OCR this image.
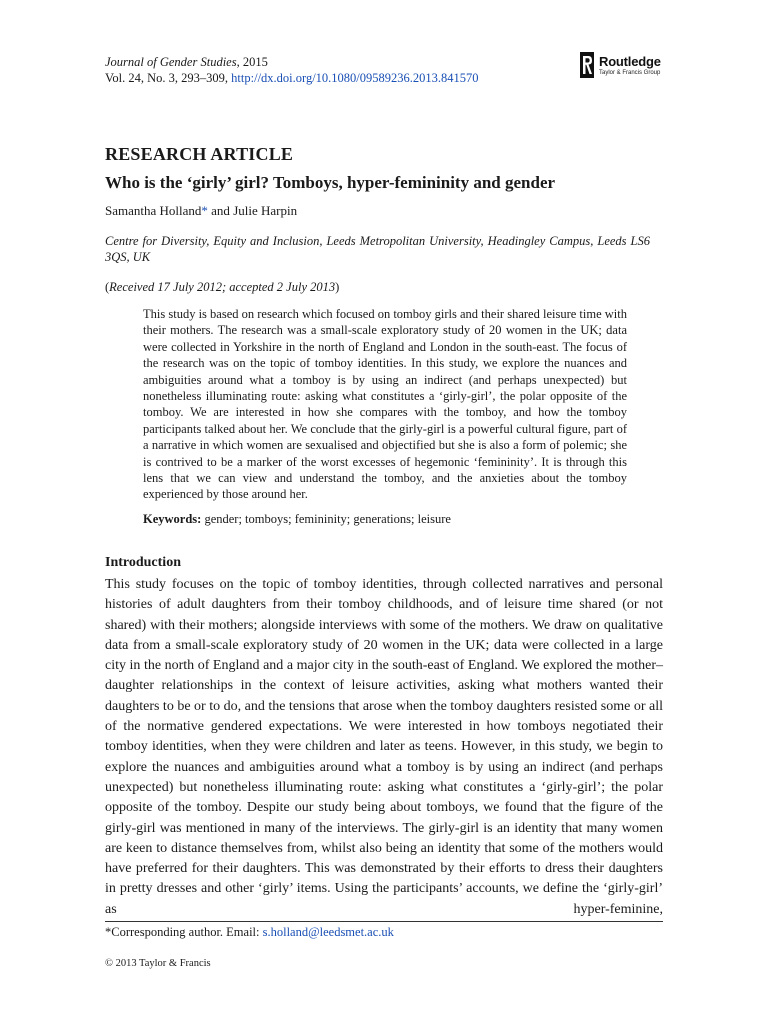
Journal of Gender Studies, 2015
Vol. 24, No. 3, 293–309, http://dx.doi.org/10.1080/09589236.2013.841570
Routledge
Taylor & Francis Group
RESEARCH ARTICLE
Who is the ‘girly’ girl? Tomboys, hyper-femininity and gender
Samantha Holland* and Julie Harpin
Centre for Diversity, Equity and Inclusion, Leeds Metropolitan University, Headingley Campus, Leeds LS6 3QS, UK
(Received 17 July 2012; accepted 2 July 2013)

This study is based on research which focused on tomboy girls and their shared leisure time with their mothers. The research was a small-scale exploratory study of 20 women in the UK; data were collected in Yorkshire in the north of England and London in the south-east. The focus of the research was on the topic of tomboy identities. In this study, we explore the nuances and ambiguities around what a tomboy is by using an indirect (and perhaps unexpected) but nonetheless illuminating route: asking what constitutes a ‘girly-girl’, the polar opposite of the tomboy. We are interested in how she compares with the tomboy, and how the tomboy participants talked about her. We conclude that the girly-girl is a powerful cultural figure, part of a narrative in which women are sexualised and objectified but she is also a form of polemic; she is contrived to be a marker of the worst excesses of hegemonic ‘femininity’. It is through this lens that we can view and understand the tomboy, and the anxieties about the tomboy experienced by those around her.

Keywords: gender; tomboys; femininity; generations; leisure
Introduction

This study focuses on the topic of tomboy identities, through collected narratives and personal histories of adult daughters from their tomboy childhoods, and of leisure time shared (or not shared) with their mothers; alongside interviews with some of the mothers. We draw on qualitative data from a small-scale exploratory study of 20 women in the UK; data were collected in a large city in the north of England and a major city in the south-east of England. We explored the mother–daughter relationships in the context of leisure activities, asking what mothers wanted their daughters to be or to do, and the tensions that arose when the tomboy daughters resisted some or all of the normative gendered expectations. We were interested in how tomboys negotiated their tomboy identities, when they were children and later as teens. However, in this study, we begin to explore the nuances and ambiguities around what a tomboy is by using an indirect (and perhaps unexpected) but nonetheless illuminating route: asking what constitutes a ‘girly-girl’; the polar opposite of the tomboy. Despite our study being about tomboys, we found that the figure of the girly-girl was mentioned in many of the interviews. The girly-girl is an identity that many women are keen to distance themselves from, whilst also being an identity that some of the mothers would have preferred for their daughters. This was demonstrated by their efforts to dress their daughters in pretty dresses and other ‘girly’ items. Using the participants’ accounts, we define the ‘girly-girl’ as hyper-feminine,

*Corresponding author. Email: s.holland@leedsmet.ac.uk
© 2013 Taylor & Francis
